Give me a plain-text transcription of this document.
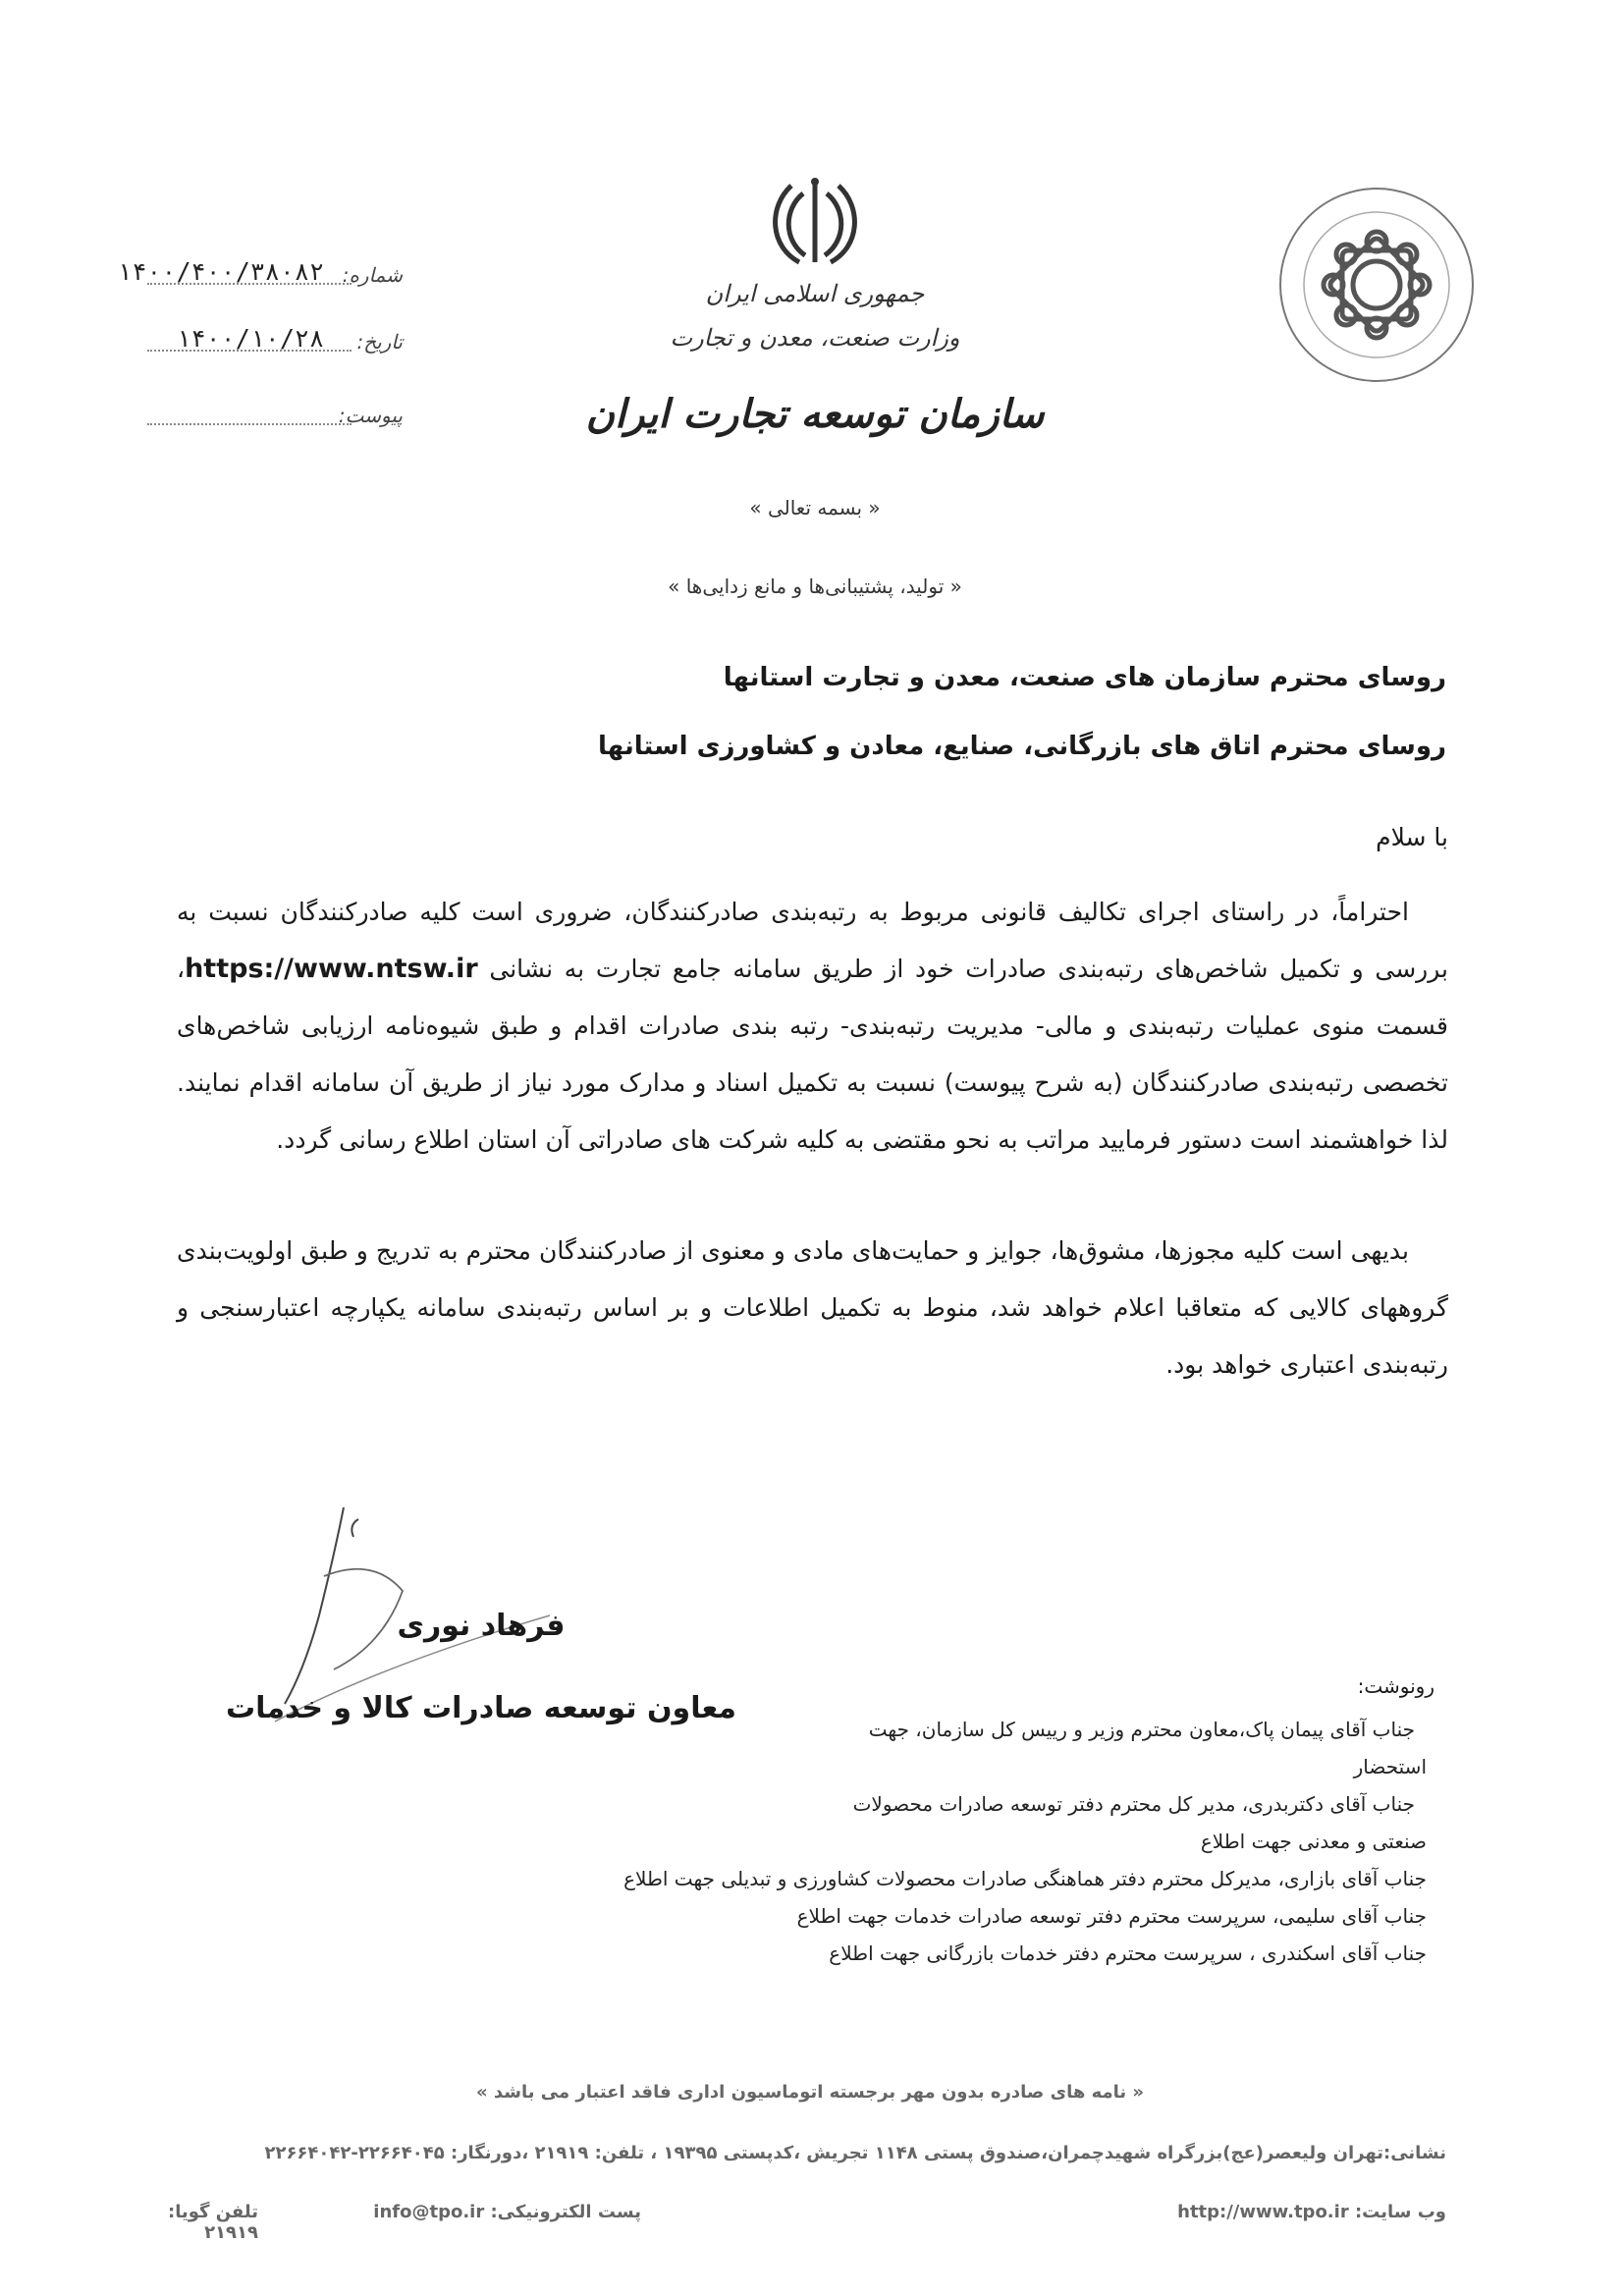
شماره:
۱۴۰۰/۴۰۰/۳۸۰۸۲
تاریخ:
۱۴۰۰/۱۰/۲۸
پیوست:
جمهوری اسلامی ایران
وزارت صنعت، معدن و تجارت
سازمان توسعه تجارت ایران
« بسمه تعالی »
« تولید، پشتیبانی‌ها و مانع زدایی‌ها »
روسای محترم سازمان های صنعت، معدن و تجارت استانها
روسای محترم اتاق های بازرگانی، صنایع، معادن و کشاورزی استانها
با سلام
احتراماً، در راستای اجرای تکالیف قانونی مربوط به رتبه‌بندی صادرکنندگان، ضروری است کلیه صادرکنندگان نسبت به بررسی و تکمیل شاخص‌های رتبه‌بندی صادرات خود از طریق سامانه جامع تجارت به نشانی https://www.ntsw.ir، قسمت منوی عملیات رتبه‌بندی و مالی- مدیریت رتبه‌بندی- رتبه بندی صادرات اقدام و طبق شیوه‌نامه ارزیابی شاخص‌های تخصصی رتبه‌بندی صادرکنندگان (به شرح پیوست) نسبت به تکمیل اسناد و مدارک مورد نیاز از طریق آن سامانه اقدام نمایند. لذا خواهشمند است دستور فرمایید مراتب به نحو مقتضی به کلیه شرکت های صادراتی آن استان اطلاع رسانی گردد.
بدیهی است کلیه مجوزها، مشوق‌ها، جوایز و حمایت‌های مادی و معنوی از صادرکنندگان محترم به تدریج و طبق اولویت‌بندی گروههای کالایی که متعاقبا اعلام خواهد شد، منوط به تکمیل اطلاعات و بر اساس رتبه‌بندی سامانه یکپارچه اعتبارسنجی و رتبه‌بندی اعتباری خواهد بود.
فرهاد نوری
معاون توسعه صادرات کالا و خدمات
رونوشت:
جناب آقای پیمان پاک،معاون محترم وزیر و رییس کل سازمان، جهت
استحضار
جناب آقای دکتربدری، مدیر کل محترم دفتر توسعه صادرات محصولات
صنعتی و معدنی جهت اطلاع
جناب آقای بازاری، مدیرکل محترم دفتر هماهنگی صادرات محصولات کشاورزی و تبدیلی جهت اطلاع
جناب آقای سلیمی، سرپرست محترم دفتر توسعه صادرات خدمات جهت اطلاع
جناب آقای اسکندری ، سرپرست محترم دفتر خدمات بازرگانی جهت اطلاع
« نامه های صادره بدون مهر برجسته اتوماسیون اداری فاقد اعتبار می باشد »
نشانی:تهران ولیعصر(عج)بزرگراه شهیدچمران،صندوق پستی ۱۱۴۸ تجریش ،کدپستی ۱۹۳۹۵ ، تلفن: ۲۱۹۱۹ ،دورنگار: ۲۲۶۶۴۰۴۵-۲۲۶۶۴۰۴۲
وب سایت: http://www.tpo.ir
پست الکترونیکی: info@tpo.ir
تلفن گویا: ۲۱۹۱۹
